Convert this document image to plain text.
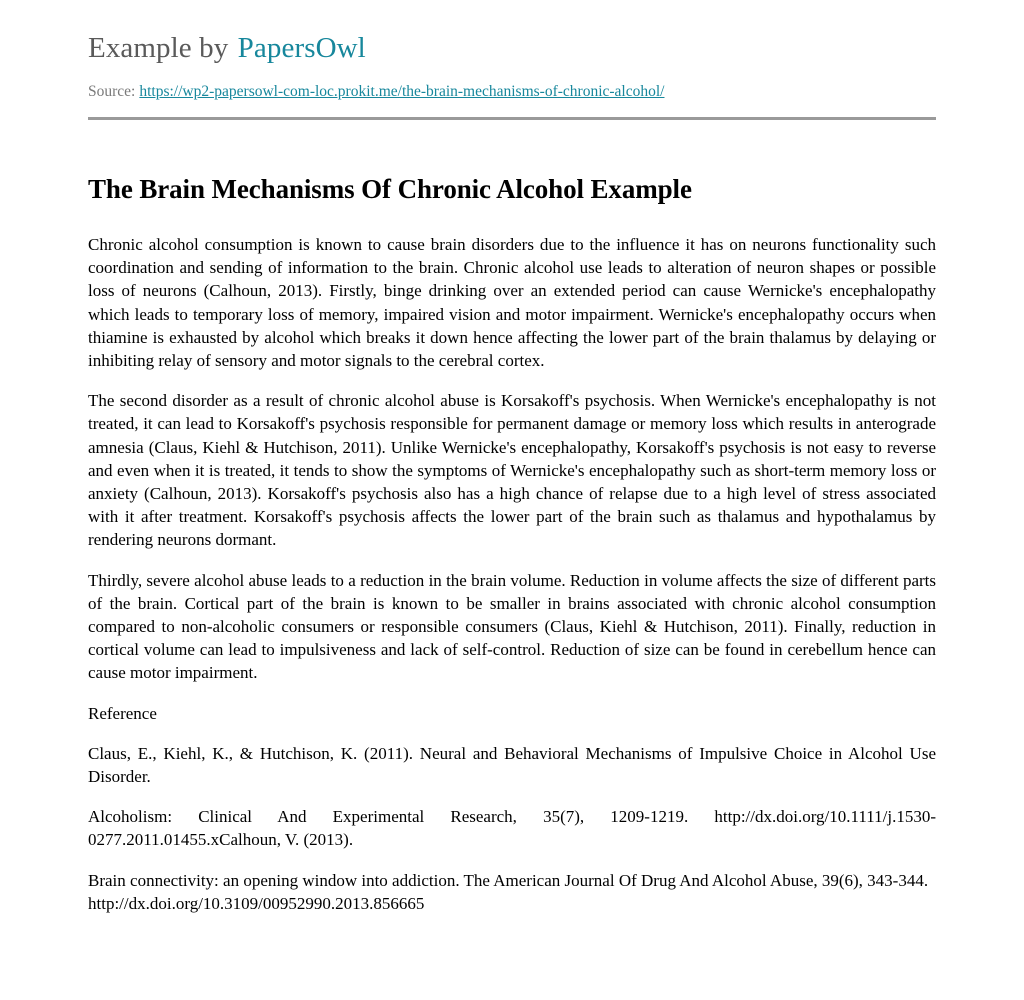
Example by PapersOwl
Source: https://wp2-papersowl-com-loc.prokit.me/the-brain-mechanisms-of-chronic-alcohol/
The Brain Mechanisms Of Chronic Alcohol Example

Chronic alcohol consumption is known to cause brain disorders due to the influence it has on neurons functionality such coordination and sending of information to the brain. Chronic alcohol use leads to alteration of neuron shapes or possible loss of neurons (Calhoun, 2013). Firstly, binge drinking over an extended period can cause Wernicke's encephalopathy which leads to temporary loss of memory, impaired vision and motor impairment. Wernicke's encephalopathy occurs when thiamine is exhausted by alcohol which breaks it down hence affecting the lower part of the brain thalamus by delaying or inhibiting relay of sensory and motor signals to the cerebral cortex.

The second disorder as a result of chronic alcohol abuse is Korsakoff's psychosis. When Wernicke's encephalopathy is not treated, it can lead to Korsakoff's psychosis responsible for permanent damage or memory loss which results in anterograde amnesia (Claus, Kiehl & Hutchison, 2011). Unlike Wernicke's encephalopathy, Korsakoff's psychosis is not easy to reverse and even when it is treated, it tends to show the symptoms of Wernicke's encephalopathy such as short-term memory loss or anxiety (Calhoun, 2013). Korsakoff's psychosis also has a high chance of relapse due to a high level of stress associated with it after treatment. Korsakoff's psychosis affects the lower part of the brain such as thalamus and hypothalamus by rendering neurons dormant.

Thirdly, severe alcohol abuse leads to a reduction in the brain volume. Reduction in volume affects the size of different parts of the brain. Cortical part of the brain is known to be smaller in brains associated with chronic alcohol consumption compared to non-alcoholic consumers or responsible consumers (Claus, Kiehl & Hutchison, 2011). Finally, reduction in cortical volume can lead to impulsiveness and lack of self-control. Reduction of size can be found in cerebellum hence can cause motor impairment.

Reference

Claus, E., Kiehl, K., & Hutchison, K. (2011). Neural and Behavioral Mechanisms of Impulsive Choice in Alcohol Use Disorder.

Alcoholism: Clinical And Experimental Research, 35(7), 1209-1219. http://dx.doi.org/10.1111/j.1530-0277.2011.01455.xCalhoun, V. (2013).

Brain connectivity: an opening window into addiction. The American Journal Of Drug And Alcohol Abuse, 39(6), 343-344. http://dx.doi.org/10.3109/00952990.2013.856665
